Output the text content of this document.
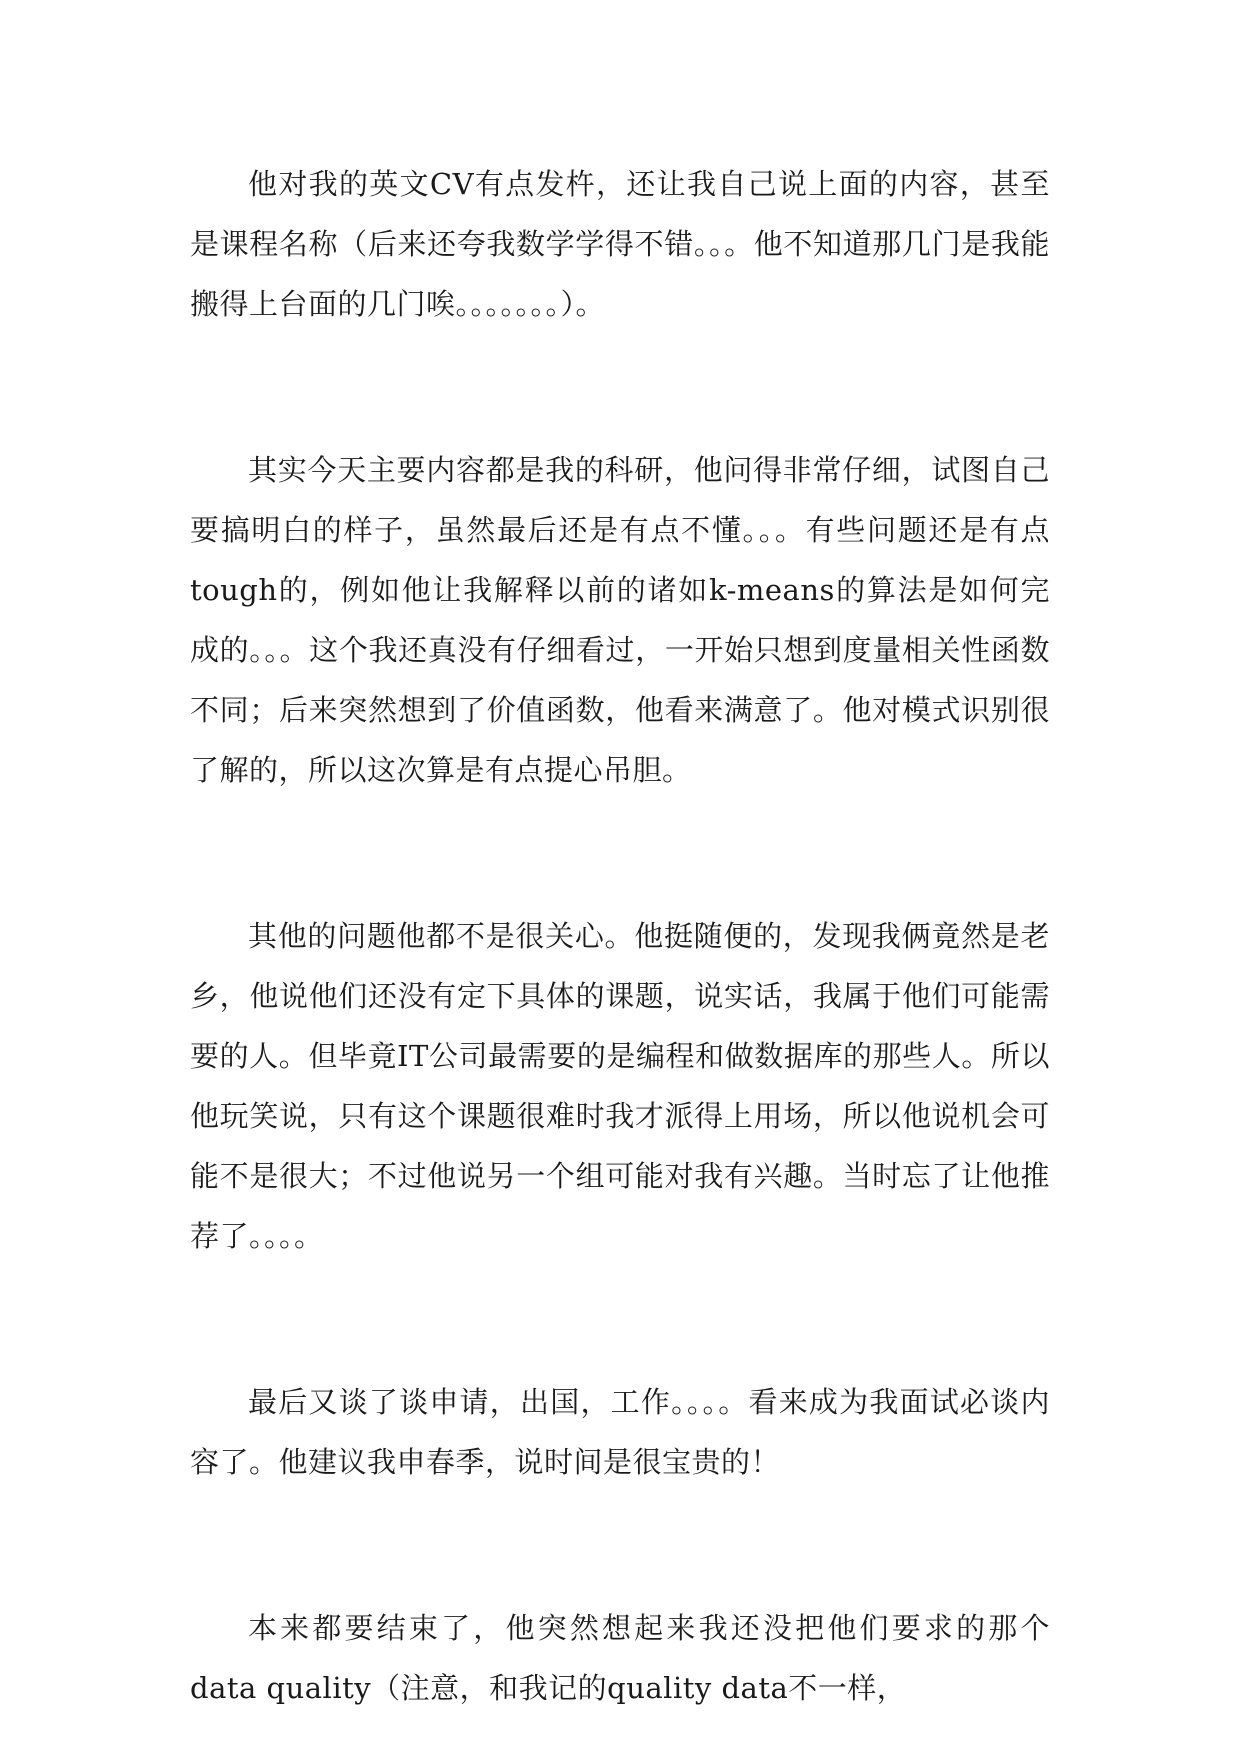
他对我的英文CV有点发杵，还让我自己说上面的内容，甚至是课程名称（后来还夸我数学学得不错。。。他不知道那几门是我能搬得上台面的几门唉。。。。。。。）。

其实今天主要内容都是我的科研，他问得非常仔细，试图自己要搞明白的样子，虽然最后还是有点不懂。。。有些问题还是有点tough的，例如他让我解释以前的诸如k-means的算法是如何完成的。。。这个我还真没有仔细看过，一开始只想到度量相关性函数不同；后来突然想到了价值函数，他看来满意了。他对模式识别很了解的，所以这次算是有点提心吊胆。

其他的问题他都不是很关心。他挺随便的，发现我俩竟然是老乡，他说他们还没有定下具体的课题，说实话，我属于他们可能需要的人。但毕竟IT公司最需要的是编程和做数据库的那些人。所以他玩笑说，只有这个课题很难时我才派得上用场，所以他说机会可能不是很大；不过他说另一个组可能对我有兴趣。当时忘了让他推荐了。。。。

最后又谈了谈申请，出国，工作。。。。看来成为我面试必谈内容了。他建议我申春季，说时间是很宝贵的！

本来都要结束了，他突然想起来我还没把他们要求的那个data quality（注意，和我记的quality data不一样，
